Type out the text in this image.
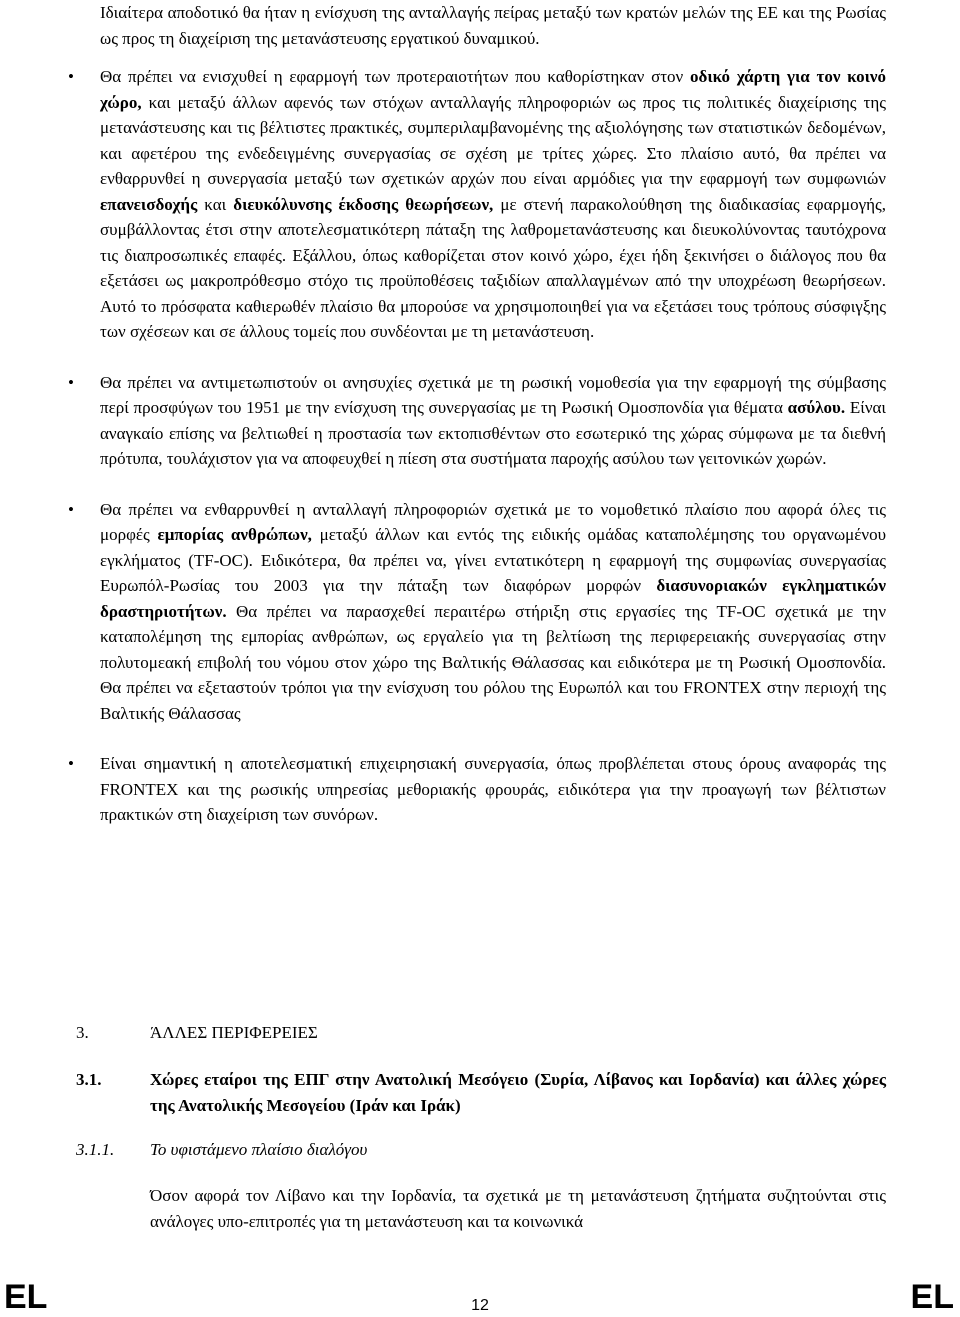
Ιδιαίτερα αποδοτικό θα ήταν η ενίσχυση της ανταλλαγής πείρας μεταξύ των κρατών μελών της ΕΕ και της Ρωσίας ως προς τη διαχείριση της μετανάστευσης εργατικού δυναμικού.

• Θα πρέπει να ενισχυθεί η εφαρμογή των προτεραιοτήτων που καθορίστηκαν στον οδικό χάρτη για τον κοινό χώρο, και μεταξύ άλλων αφενός των στόχων ανταλλαγής πληροφοριών ως προς τις πολιτικές διαχείρισης της μετανάστευσης και τις βέλτιστες πρακτικές, συμπεριλαμβανομένης της αξιολόγησης των στατιστικών δεδομένων, και αφετέρου της ενδεδειγμένης συνεργασίας σε σχέση με τρίτες χώρες. Στο πλαίσιο αυτό, θα πρέπει να ενθαρρυνθεί η συνεργασία μεταξύ των σχετικών αρχών που είναι αρμόδιες για την εφαρμογή των συμφωνιών επανεισδοχής και διευκόλυνσης έκδοσης θεωρήσεων, με στενή παρακολούθηση της διαδικασίας εφαρμογής, συμβάλλοντας έτσι στην αποτελεσματικότερη πάταξη της λαθρομετανάστευσης και διευκολύνοντας ταυτόχρονα τις διαπροσωπικές επαφές. Εξάλλου, όπως καθορίζεται στον κοινό χώρο, έχει ήδη ξεκινήσει ο διάλογος που θα εξετάσει ως μακροπρόθεσμο στόχο τις προϋποθέσεις ταξιδίων απαλλαγμένων από την υποχρέωση θεωρήσεων. Αυτό το πρόσφατα καθιερωθέν πλαίσιο θα μπορούσε να χρησιμοποιηθεί για να εξετάσει τους τρόπους σύσφιγξης των σχέσεων και σε άλλους τομείς που συνδέονται με τη μετανάστευση.
• Θα πρέπει να αντιμετωπιστούν οι ανησυχίες σχετικά με τη ρωσική νομοθεσία για την εφαρμογή της σύμβασης περί προσφύγων του 1951 με την ενίσχυση της συνεργασίας με τη Ρωσική Ομοσπονδία για θέματα ασύλου. Είναι αναγκαίο επίσης να βελτιωθεί η προστασία των εκτοπισθέντων στο εσωτερικό της χώρας σύμφωνα με τα διεθνή πρότυπα, τουλάχιστον για να αποφευχθεί η πίεση στα συστήματα παροχής ασύλου των γειτονικών χωρών.
• Θα πρέπει να ενθαρρυνθεί η ανταλλαγή πληροφοριών σχετικά με το νομοθετικό πλαίσιο που αφορά όλες τις μορφές εμπορίας ανθρώπων, μεταξύ άλλων και εντός της ειδικής ομάδας καταπολέμησης του οργανωμένου εγκλήματος (TF-OC). Ειδικότερα, θα πρέπει να, γίνει εντατικότερη η εφαρμογή της συμφωνίας συνεργασίας Ευρωπόλ-Ρωσίας του 2003 για την πάταξη των διαφόρων μορφών διασυνοριακών εγκληματικών δραστηριοτήτων. Θα πρέπει να παρασχεθεί περαιτέρω στήριξη στις εργασίες της TF-OC σχετικά με την καταπολέμηση της εμπορίας ανθρώπων, ως εργαλείο για τη βελτίωση της περιφερειακής συνεργασίας στην πολυτομεακή επιβολή του νόμου στον χώρο της Βαλτικής Θάλασσας και ειδικότερα με τη Ρωσική Ομοσπονδία. Θα πρέπει να εξεταστούν τρόποι για την ενίσχυση του ρόλου της Ευρωπόλ και του FRONTEX στην περιοχή της Βαλτικής Θάλασσας
• Είναι σημαντική η αποτελεσματική επιχειρησιακή συνεργασία, όπως προβλέπεται στους όρους αναφοράς της FRONTEX και της ρωσικής υπηρεσίας μεθοριακής φρουράς, ειδικότερα για την προαγωγή των βέλτιστων πρακτικών στη διαχείριση των συνόρων.
3.	ΆΛΛΕΣ ΠΕΡΙΦΕΡΕΙΕΣ
3.1.	Χώρες εταίροι της ΕΠΓ στην Ανατολική Μεσόγειο (Συρία, Λίβανος και Ιορδανία) και άλλες χώρες της Ανατολικής Μεσογείου (Ιράν και Ιράκ)
3.1.1. Το υφιστάμενο πλαίσιο διαλόγου

Όσον αφορά τον Λίβανο και την Ιορδανία, τα σχετικά με τη μετανάστευση ζητήματα συζητούνται στις ανάλογες υπο-επιτροπές για τη μετανάστευση και τα κοινωνικά

EL	12	EL
